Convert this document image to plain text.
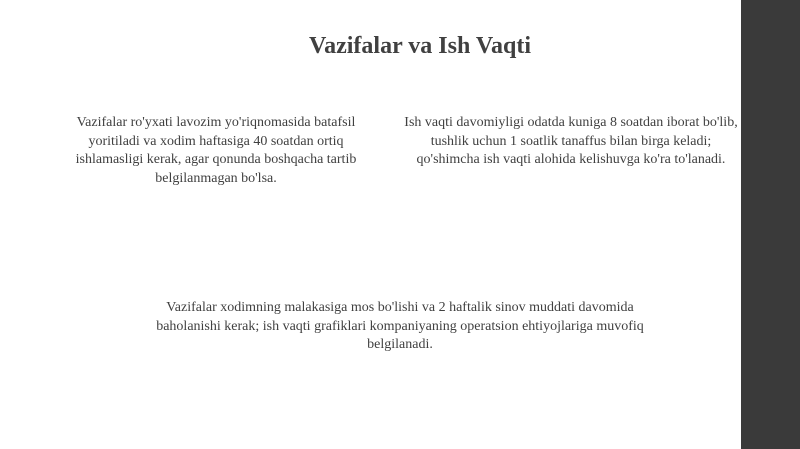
Vazifalar va Ish Vaqti

Vazifalar ro'yxati lavozim yo'riqnomasida batafsil yoritiladi va xodim haftasiga 40 soatdan ortiq ishlamasligi kerak, agar qonunda boshqacha tartib belgilanmagan bo'lsa.

Ish vaqti davomiyligi odatda kuniga 8 soatdan iborat bo'lib, tushlik uchun 1 soatlik tanaffus bilan birga keladi; qo'shimcha ish vaqti alohida kelishuvga ko'ra to'lanadi.

Vazifalar xodimning malakasiga mos bo'lishi va 2 haftalik sinov muddati davomida baholanishi kerak; ish vaqti grafiklari kompaniyaning operatsion ehtiyojlariga muvofiq belgilanadi.
